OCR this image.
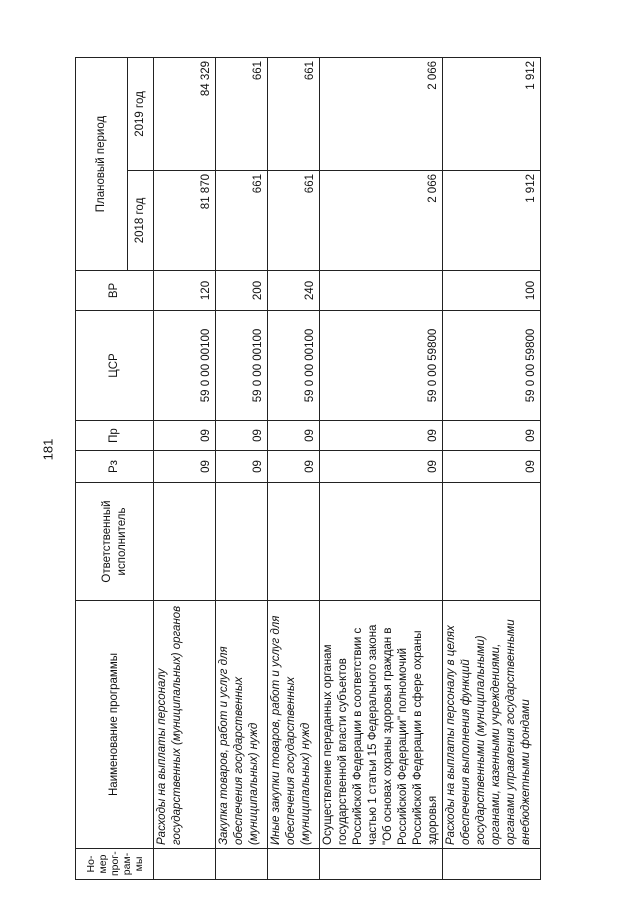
181
Но-мер прог-рам-мы	Наименование программы	Ответственный исполнитель	Рз	Пр	ЦСР	ВР	Плановый период	
							2018 год	2019 год
	Расходы на выплаты персоналу государственных (муниципальных) органов		09	09	59 0 00 00100	120	81 870	84 329
	Закупка товаров, работ и услуг для обеспечения государственных (муниципальных) нужд		09	09	59 0 00 00100	200	661	661
	Иные закупки товаров, работ и услуг для обеспечения государственных (муниципальных) нужд		09	09	59 0 00 00100	240	661	661
	Осуществление переданных органам государственной власти субъектов Российской Федерации в соответствии с частью 1 статьи 15 Федерального закона "Об основах охраны здоровья граждан в Российской Федерации" полномочий Российской Федерации в сфере охраны здоровья		09	09	59 0 00 59800		2 066	2 066
	Расходы на выплаты персоналу в целях обеспечения выполнения функций государственными (муниципальными) органами, казенными учреждениями, органами управления государственными внебюджетными фондами		09	09	59 0 00 59800	100	1 912	1 912
